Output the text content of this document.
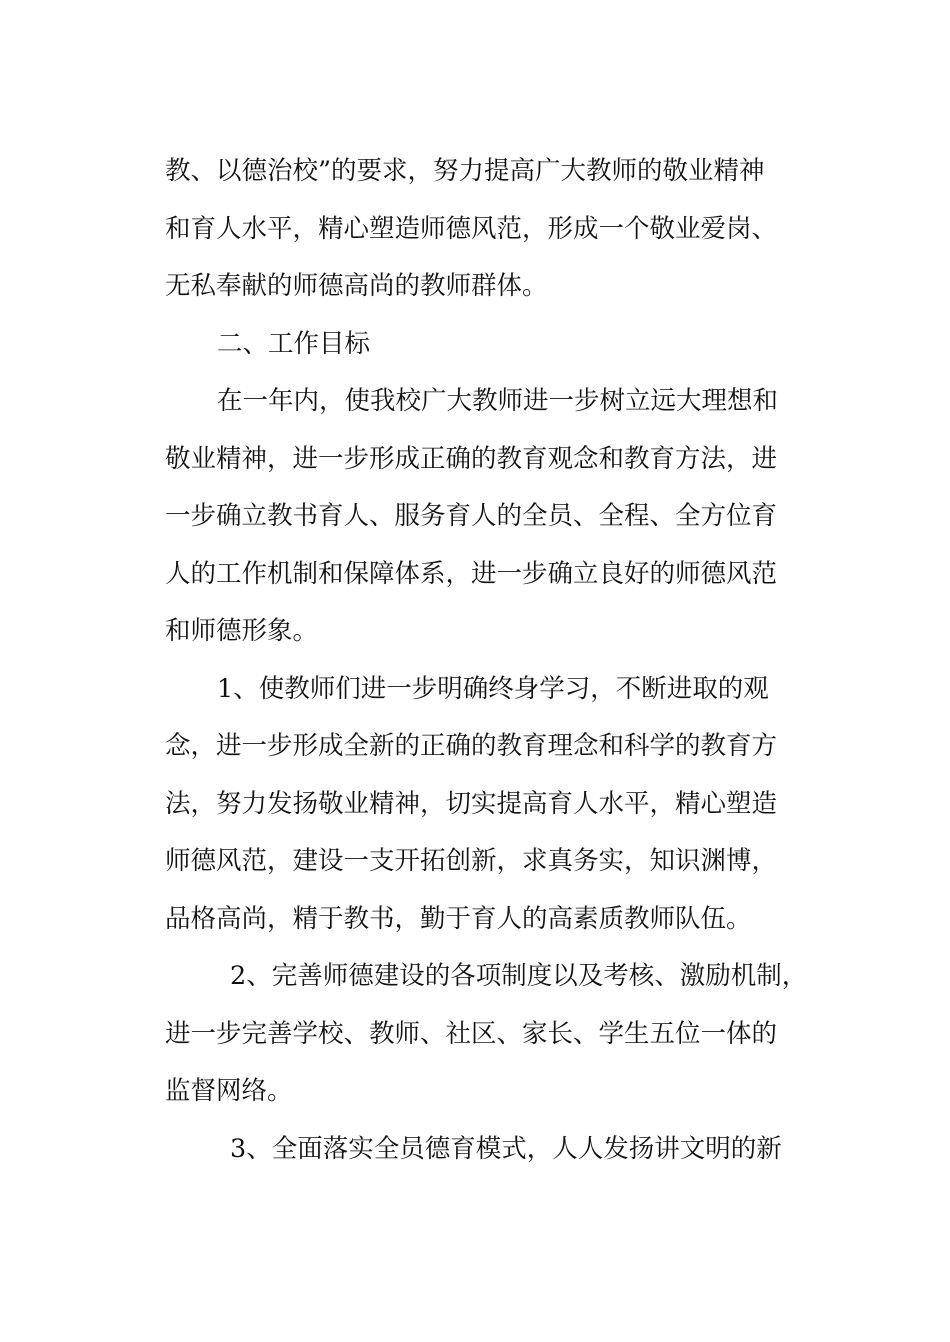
教、以德治校”的要求，努力提高广大教师的敬业精神
和育人水平，精心塑造师德风范，形成一个敬业爱岗、
无私奉献的师德高尚的教师群体。
二、工作目标
在一年内，使我校广大教师进一步树立远大理想和
敬业精神，进一步形成正确的教育观念和教育方法，进
一步确立教书育人、服务育人的全员、全程、全方位育
人的工作机制和保障体系，进一步确立良好的师德风范
和师德形象。
1、使教师们进一步明确终身学习，不断进取的观
念，进一步形成全新的正确的教育理念和科学的教育方
法，努力发扬敬业精神，切实提高育人水平，精心塑造
师德风范，建设一支开拓创新，求真务实，知识渊博，
品格高尚，精于教书，勤于育人的高素质教师队伍。
2、完善师德建设的各项制度以及考核、激励机制，
进一步完善学校、教师、社区、家长、学生五位一体的
监督网络。
3、全面落实全员德育模式，人人发扬讲文明的新
